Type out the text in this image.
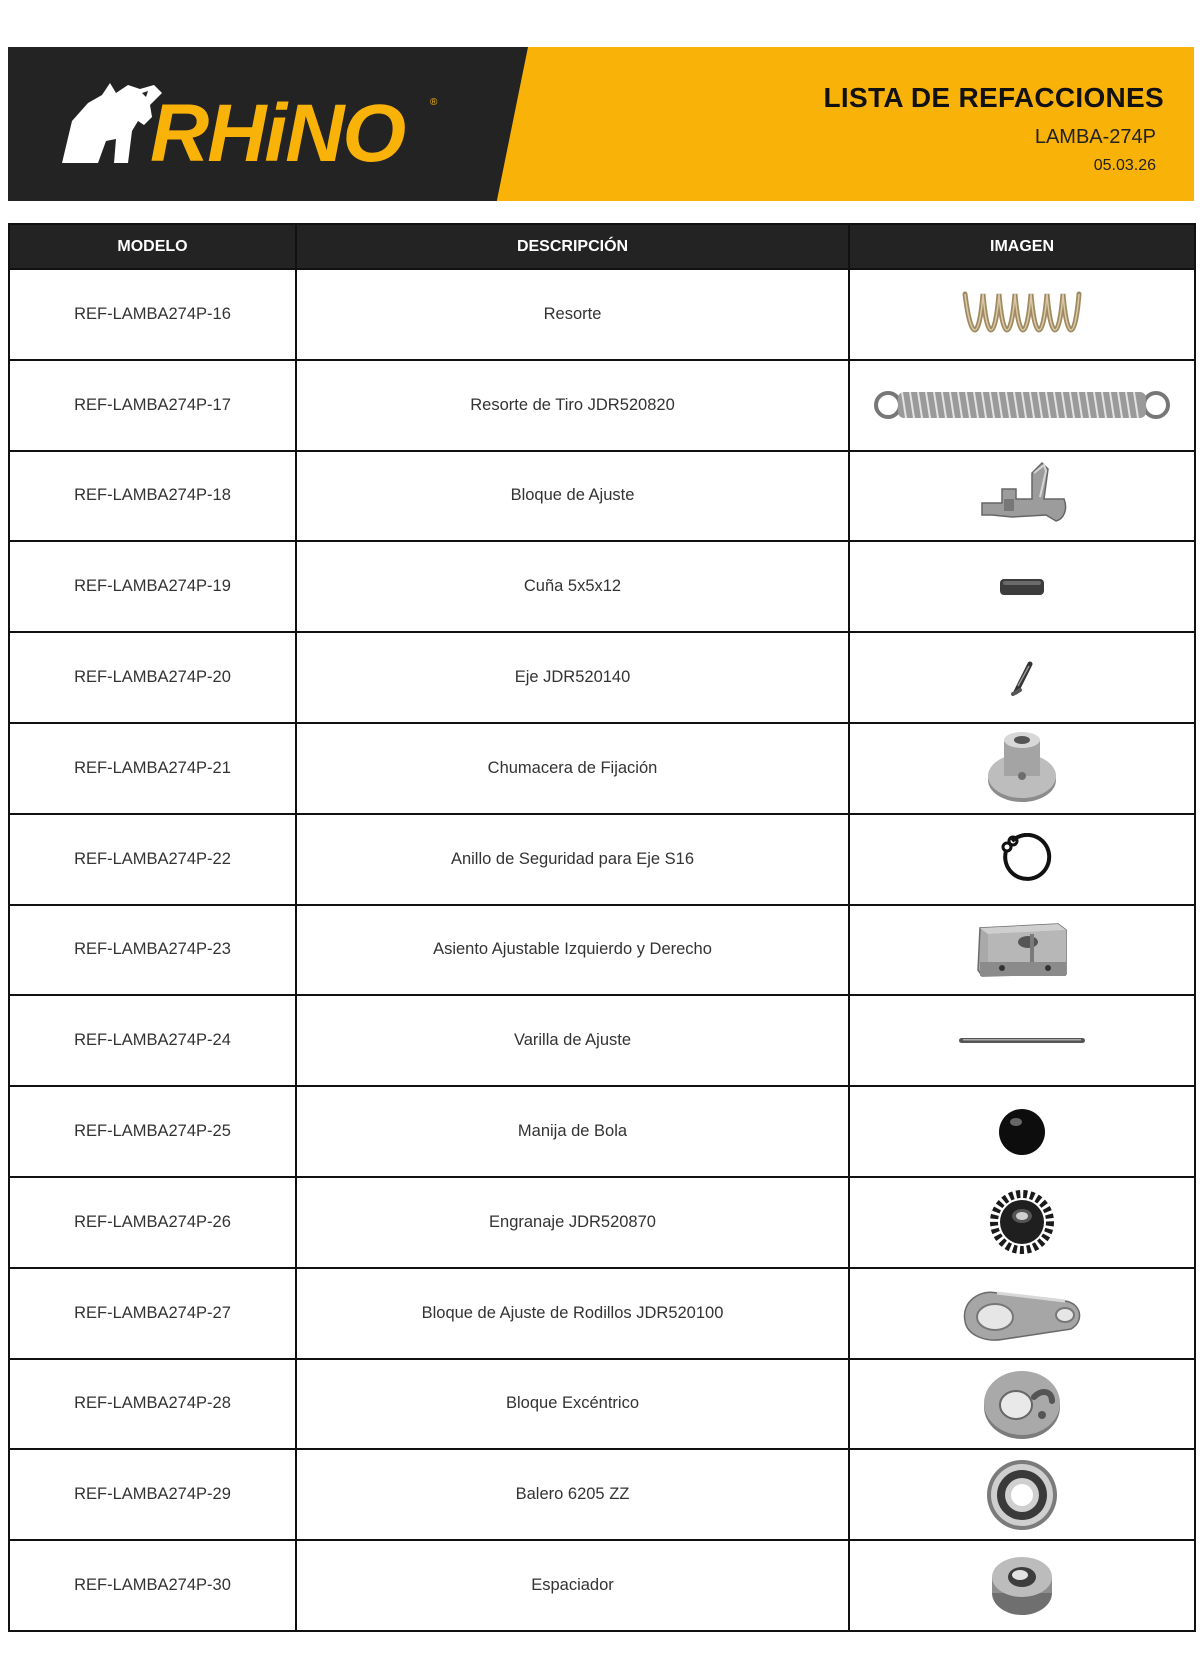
RHiNO	®	LISTA DE REFACCIONES
LAMBA-274P
05.03.26
MODELO	DESCRIPCIÓN	IMAGEN
REF-LAMBA274P-16	Resorte	

REF-LAMBA274P-17	Resorte de Tiro JDR520820	

REF-LAMBA274P-18	Bloque de Ajuste	

REF-LAMBA274P-19	Cuña 5x5x12	

REF-LAMBA274P-20	Eje JDR520140	

REF-LAMBA274P-21	Chumacera de Fijación	

REF-LAMBA274P-22	Anillo de Seguridad para Eje S16	

REF-LAMBA274P-23	Asiento Ajustable Izquierdo y Derecho	

REF-LAMBA274P-24	Varilla de Ajuste	

REF-LAMBA274P-25	Manija de Bola	

REF-LAMBA274P-26	Engranaje JDR520870	

REF-LAMBA274P-27	Bloque de Ajuste de Rodillos JDR520100	

REF-LAMBA274P-28	Bloque Excéntrico	

REF-LAMBA274P-29	Balero 6205 ZZ	

REF-LAMBA274P-30	Espaciador	
